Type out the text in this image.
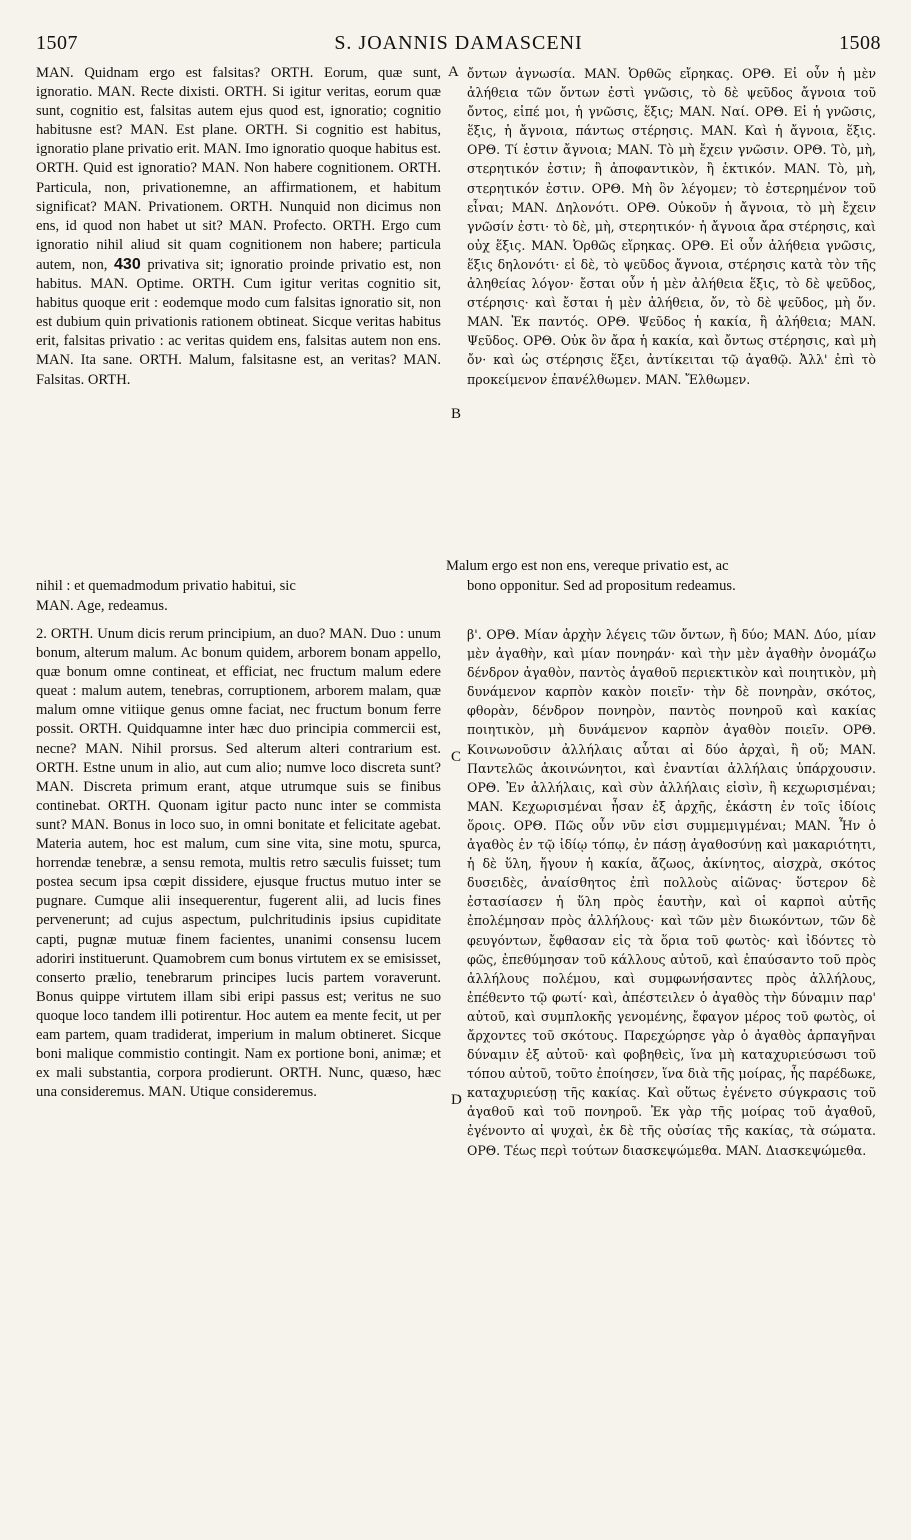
1507	S. JOANNIS DAMASCENI	1508

MAN. Quidnam ergo est falsitas? ORTH. Eorum, quæ sunt, ignoratio. MAN. Recte dixisti. ORTH. Si igitur veritas, eorum quæ sunt, cognitio est, falsitas autem ejus quod est, ignoratio; cognitio habitusne est? MAN. Est plane. ORTH. Si cognitio est habitus, ignoratio plane privatio erit. MAN. Imo ignoratio quoque habitus est. ORTH. Quid est ignoratio? MAN. Non habere cognitionem. ORTH. Particula, non, privationemne, an affirmationem, et habitum significat? MAN. Privationem. ORTH. Nunquid non dicimus non ens, id quod non habet ut sit? MAN. Profecto. ORTH. Ergo cum ignoratio nihil aliud sit quam cognitionem non habere; particula autem, non, 430 privativa sit; ignoratio proinde privatio est, non habitus. MAN. Optime. ORTH. Cum igitur veritas cognitio sit, habitus quoque erit : eodemque modo cum falsitas ignoratio sit, non est dubium quin privationis rationem obtineat. Sicque veritas habitus erit, falsitas privatio : ac veritas quidem ens, falsitas autem non ens. MAN. Ita sane. ORTH. Malum, falsitasne est, an veritas? MAN. Falsitas. ORTH.

ὄντων ἀγνωσία. MAN. Ὀρθῶς εἴρηκας. ΟΡΘ. Εἰ οὖν ἡ μὲν ἀλήθεια τῶν ὄντων ἐστὶ γνῶσις, τὸ δὲ ψεῦδος ἄγνοια τοῦ ὄντος, εἰπέ μοι, ἡ γνῶσις, ἕξις; MAN. Ναί. ΟΡΘ. Εἰ ἡ γνῶσις, ἕξις, ἡ ἄγνοια, πάντως στέρησις. MAN. Καὶ ἡ ἄγνοια, ἕξις. ΟΡΘ. Τί ἐστιν ἄγνοια; MAN. Τὸ μὴ ἔχειν γνῶσιν. ΟΡΘ. Τὸ, μὴ, στερητικόν ἐστιν; ἢ ἀποφαντικὸν, ἢ ἑκτικόν. MAN. Τὸ, μὴ, στερητικόν ἐστιν. ΟΡΘ. Μὴ ὂν λέγομεν; τὸ ἐστερημένον τοῦ εἶναι; MAN. Δηλονότι. ΟΡΘ. Οὐκοῦν ἡ ἄγνοια, τὸ μὴ ἔχειν γνῶσίν ἐστι· τὸ δὲ, μὴ, στερητικόν· ἡ ἄγνοια ἄρα στέρησις, καὶ οὐχ ἕξις. MAN. Ὀρθῶς εἴρηκας. ΟΡΘ. Εἰ οὖν ἀλήθεια γνῶσις, ἕξις δηλονότι· εἰ δὲ, τὸ ψεῦδος ἄγνοια, στέρησις κατὰ τὸν τῆς ἀληθείας λόγον· ἔσται οὖν ἡ μὲν ἀλήθεια ἕξις, τὸ δὲ ψεῦδος, στέρησις· καὶ ἔσται ἡ μὲν ἀλήθεια, ὄν, τὸ δὲ ψεῦδος, μὴ ὄν. MAN. Ἐκ παντός. ΟΡΘ. Ψεῦδος ἡ κακία, ἢ ἀλήθεια; MAN. Ψεῦδος. ΟΡΘ. Οὐκ ὂν ἄρα ἡ κακία, καὶ ὄντως στέρησις, καὶ μὴ ὄν· καὶ ὡς στέρησις ἕξει, ἀντίκειται τῷ ἀγαθῷ. Ἀλλ' ἐπὶ τὸ προκείμενον ἐπανέλθωμεν. MAN. Ἔλθωμεν.

Malum ergo est non ens, vereque privatio est, ac
nihil : et quemadmodum privatio habitui, sic	bono opponitur. Sed ad propositum redeamus.
MAN. Age, redeamus.

2. ORTH. Unum dicis rerum principium, an duo? MAN. Duo : unum bonum, alterum malum. Ac bonum quidem, arborem bonam appello, quæ bonum omne contineat, et efficiat, nec fructum malum edere queat : malum autem, tenebras, corruptionem, arborem malam, quæ malum omne vitiique genus omne faciat, nec fructum bonum ferre possit. ORTH. Quidquamne inter hæc duo principia commercii est, necne? MAN. Nihil prorsus. Sed alterum alteri contrarium est. ORTH. Estne unum in alio, aut cum alio; numve loco discreta sunt? MAN. Discreta primum erant, atque utrumque suis se finibus continebat. ORTH. Quonam igitur pacto nunc inter se commista sunt? MAN. Bonus in loco suo, in omni bonitate et felicitate agebat. Materia autem, hoc est malum, cum sine vita, sine motu, spurca, horrendæ tenebræ, a sensu remota, multis retro sæculis fuisset; tum postea secum ipsa cœpit dissidere, ejusque fructus mutuo inter se pugnare. Cumque alii insequerentur, fugerent alii, ad lucis fines pervenerunt; ad cujus aspectum, pulchritudinis ipsius cupiditate capti, pugnæ mutuæ finem facientes, unanimi consensu lucem adoriri instituerunt. Quamobrem cum bonus virtutem ex se emisisset, conserto prælio, tenebrarum principes lucis partem voraverunt. Bonus quippe virtutem illam sibi eripi passus est; veritus ne suo quoque loco tandem illi potirentur. Hoc autem ea mente fecit, ut per eam partem, quam tradiderat, imperium in malum obtineret. Sicque boni malique commistio contingit. Nam ex portione boni, animæ; et ex mali substantia, corpora prodierunt. ORTH. Nunc, quæso, hæc una consideremus. MAN. Utique consideremus.

β'. ΟΡΘ. Μίαν ἀρχὴν λέγεις τῶν ὄντων, ἢ δύο; MAN. Δύο, μίαν μὲν ἀγαθὴν, καὶ μίαν πονηράν· καὶ τὴν μὲν ἀγαθὴν ὀνομάζω δένδρον ἀγαθὸν, παντὸς ἀγαθοῦ περιεκτικὸν καὶ ποιητικὸν, μὴ δυνάμενον καρπὸν κακὸν ποιεῖν· τὴν δὲ πονηρὰν, σκότος, φθορὰν, δένδρον πονηρὸν, παντὸς πονηροῦ καὶ κακίας ποιητικὸν, μὴ δυνάμενον καρπὸν ἀγαθὸν ποιεῖν. ΟΡΘ. Κοινωνοῦσιν ἀλλήλαις αὗται αἱ δύο ἀρχαὶ, ἢ οὔ; MAN. Παντελῶς ἀκοινώνητοι, καὶ ἐναντίαι ἀλλήλαις ὑπάρχουσιν. ΟΡΘ. Ἐν ἀλλήλαις, καὶ σὺν ἀλλήλαις εἰσὶν, ἢ κεχωρισμέναι; MAN. Κεχωρισμέναι ἦσαν ἐξ ἀρχῆς, ἑκάστη ἐν τοῖς ἰδίοις ὅροις. ΟΡΘ. Πῶς οὖν νῦν εἰσι συμμεμιγμέναι; MAN. Ἦν ὁ ἀγαθὸς ἐν τῷ ἰδίῳ τόπῳ, ἐν πάσῃ ἀγαθοσύνῃ καὶ μακαριότητι, ἡ δὲ ὕλη, ἤγουν ἡ κακία, ἄζωος, ἀκίνητος, αἰσχρὰ, σκότος δυσειδὲς, ἀναίσθητος ἐπὶ πολλοὺς αἰῶνας· ὕστερον δὲ ἐστασίασεν ἡ ὕλη πρὸς ἑαυτὴν, καὶ οἱ καρποὶ αὐτῆς ἐπολέμησαν πρὸς ἀλλήλους· καὶ τῶν μὲν διωκόντων, τῶν δὲ φευγόντων, ἔφθασαν εἰς τὰ ὅρια τοῦ φωτὸς· καὶ ἰδόντες τὸ φῶς, ἐπεθύμησαν τοῦ κάλλους αὐτοῦ, καὶ ἐπαύσαντο τοῦ πρὸς ἀλλήλους πολέμου, καὶ συμφωνήσαντες πρὸς ἀλλήλους, ἐπέθεντο τῷ φωτί· καὶ, ἀπέστειλεν ὁ ἀγαθὸς τὴν δύναμιν παρ' αὐτοῦ, καὶ συμπλοκῆς γενομένης, ἔφαγον μέρος τοῦ φωτὸς, οἱ ἄρχοντες τοῦ σκότους. Παρεχώρησε γὰρ ὁ ἀγαθὸς ἁρπαγῆναι δύναμιν ἐξ αὐτοῦ· καὶ φοβηθεὶς, ἵνα μὴ καταχυριεύσωσι τοῦ τόπου αὐτοῦ, τοῦτο ἐποίησεν, ἵνα διὰ τῆς μοίρας, ἧς παρέδωκε, καταχυριεύσῃ τῆς κακίας. Καὶ οὕτως ἐγένετο σύγκρασις τοῦ ἀγαθοῦ καὶ τοῦ πονηροῦ. Ἐκ γὰρ τῆς μοίρας τοῦ ἀγαθοῦ, ἐγένοντο αἱ ψυχαὶ, ἐκ δὲ τῆς οὐσίας τῆς κακίας, τὰ σώματα. ΟΡΘ. Τέως περὶ τούτων διασκεψώμεθα. MAN. Διασκεψώμεθα.

A
B
C
D
